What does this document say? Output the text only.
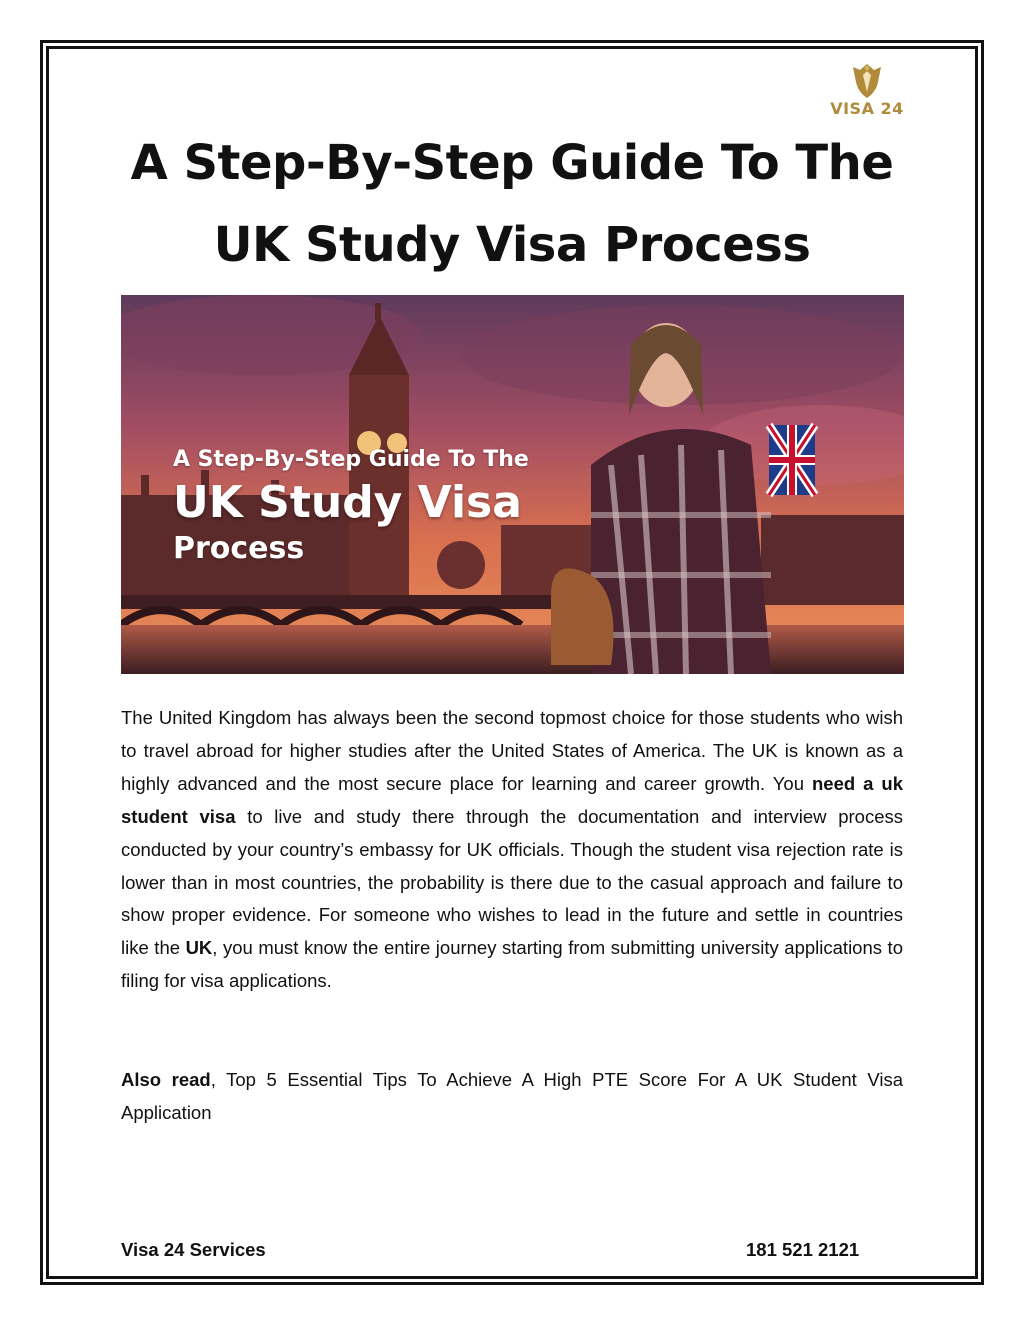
VISA 24
A Step-By-Step Guide To The
UK Study Visa Process
A Step-By-Step Guide To The
UK Study Visa
Process

The United Kingdom has always been the second topmost choice for those students who wish to travel abroad for higher studies after the United States of America. The UK is known as a highly advanced and the most secure place for learning and career growth. You need a uk student visa to live and study there through the documentation and interview process conducted by your country’s embassy for UK officials. Though the student visa rejection rate is lower than in most countries, the probability is there due to the casual approach and failure to show proper evidence. For someone who wishes to lead in the future and settle in countries like the UK, you must know the entire journey starting from submitting university applications to filing for visa applications.

Also read, Top 5 Essential Tips To Achieve A High PTE Score For A UK Student Visa Application

Visa 24 Services	181 521 2121
